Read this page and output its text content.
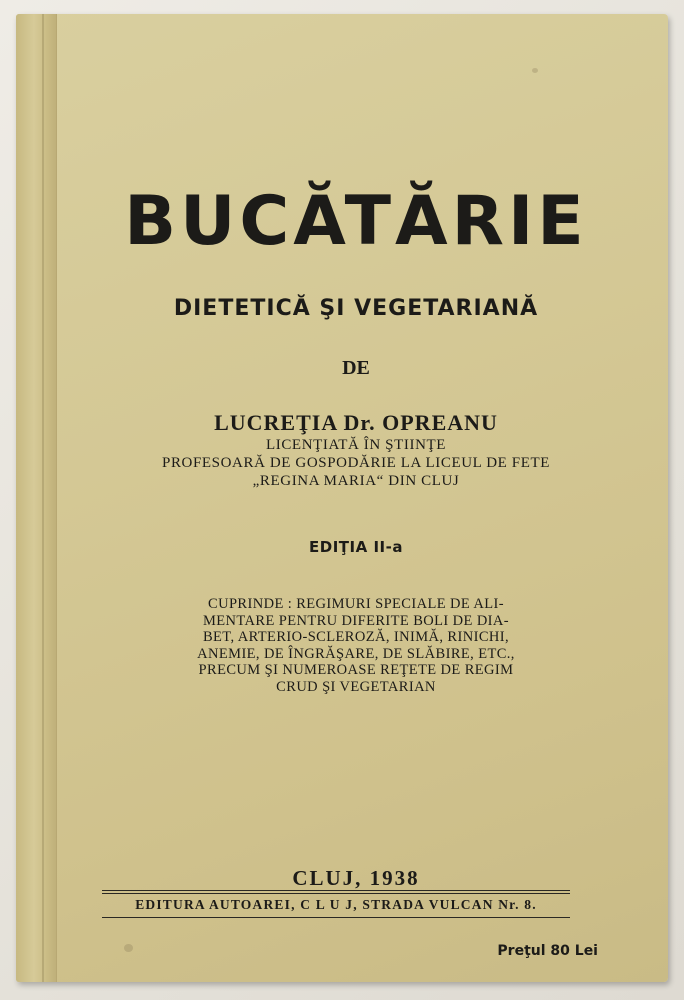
BUCĂTĂRIE
DIETETICĂ ŞI VEGETARIANĂ
DE
LUCREŢIA Dr. OPREANU
LICENŢIATĂ ÎN ŞTIINŢE
PROFESOARĂ DE GOSPODĂRIE LA LICEUL DE FETE
„REGINA MARIA“ DIN CLUJ
EDIŢIA II-a
CUPRINDE : REGIMURI SPECIALE DE ALI-
MENTARE PENTRU DIFERITE BOLI DE DIA-
BET, ARTERIO-SCLEROZĂ, INIMĂ, RINICHI,
ANEMIE, DE ÎNGRĂŞARE, DE SLĂBIRE, ETC.,
PRECUM ŞI NUMEROASE REŢETE DE REGIM
CRUD ŞI VEGETARIAN
CLUJ, 1938
EDITURA AUTOAREI, C L U J, STRADA VULCAN Nr. 8.
Preţul 80 Lei
